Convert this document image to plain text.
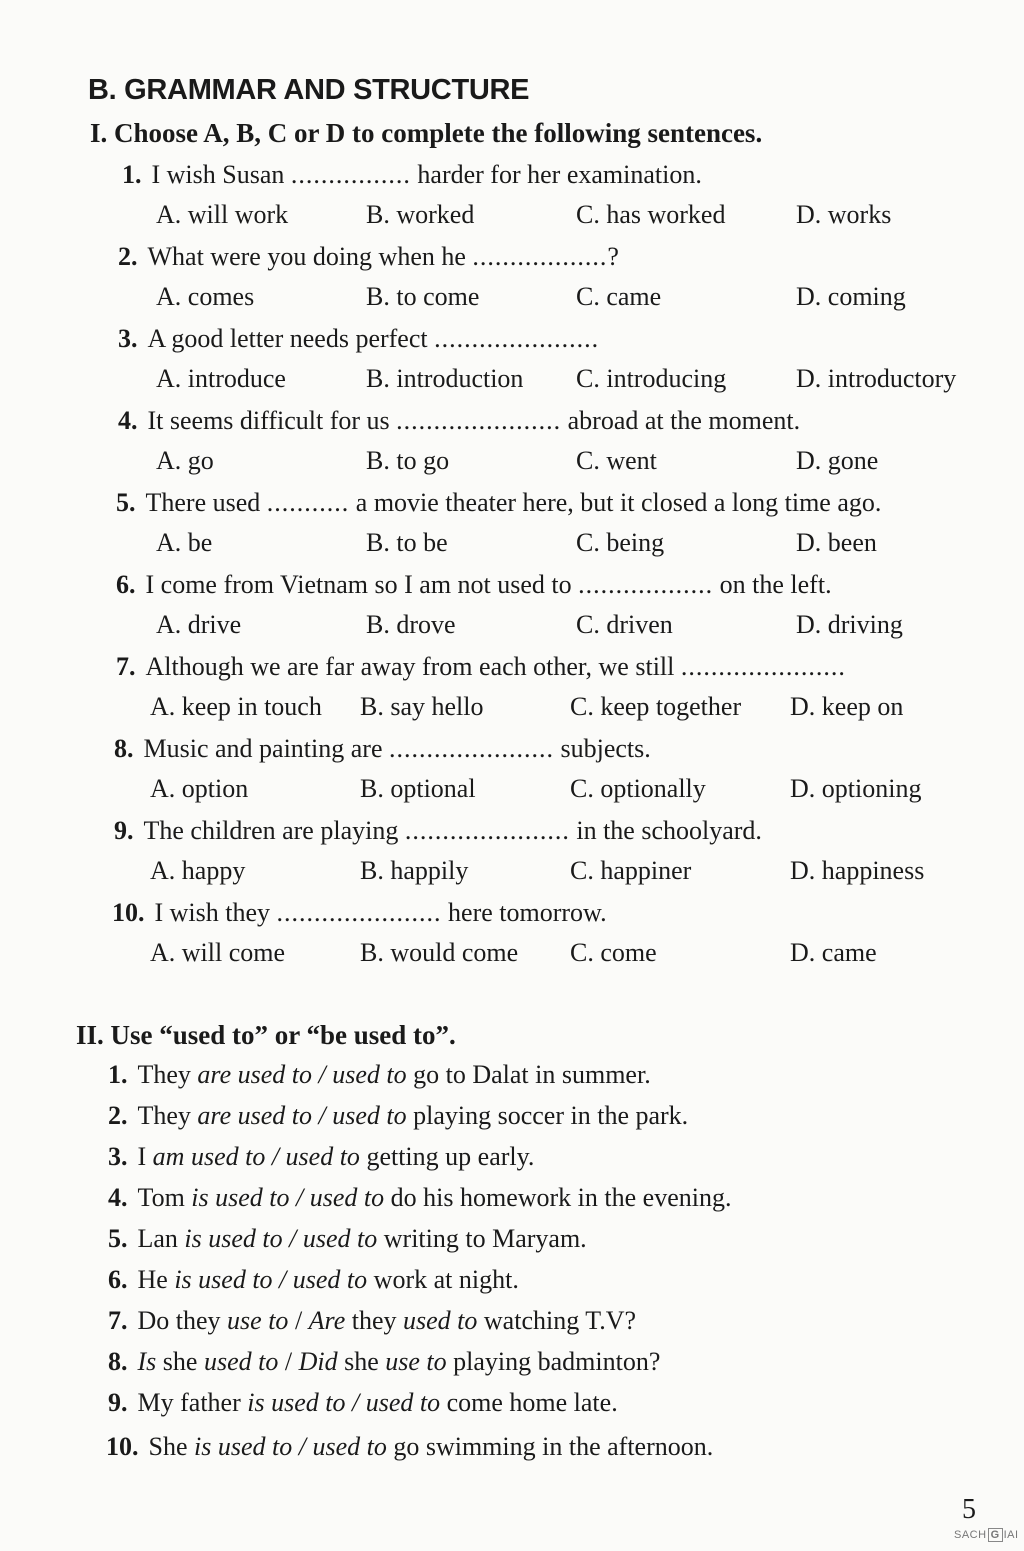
B. GRAMMAR AND STRUCTURE
I. Choose A, B, C or D to complete the following sentences.
1. I wish Susan ................ harder for her examination.
A. will work	B. worked	C. has worked	D. works
2. What were you doing when he ..................?
A. comes	B. to come	C. came	D. coming
3. A good letter needs perfect ......................
A. introduce	B. introduction C. introducing	D. introductory
4. It seems difficult for us ...................... abroad at the moment.
A. go	B. to go	C. went	D. gone
5. There used ........... a movie theater here, but it closed a long time ago.
A. be	B. to be	C. being	D. been
6. I come from Vietnam so I am not used to .................. on the left.
A. drive	B. drove	C. driven	D. driving
7. Although we are far away from each other, we still ......................
A. keep in touch B. say hello	C. keep together D. keep on
8. Music and painting are ...................... subjects.
A. option	B. optional	C. optionally	D. optioning
9. The children are playing ...................... in the schoolyard.
A. happy	B. happily	C. happiner	D. happiness
10. I wish they ...................... here tomorrow.
A. will come	B. would come C. come	D. came
II. Use “used to” or “be used to”.
1. They are used to / used to go to Dalat in summer.
2. They are used to / used to playing soccer in the park.
3. I am used to / used to getting up early.
4. Tom is used to / used to do his homework in the evening.
5. Lan is used to / used to writing to Maryam.
6. He is used to / used to work at night.
7. Do they use to / Are they used to watching T.V?
8. Is she used to / Did she use to playing badminton?
9. My father is used to / used to come home late.
10. She is used to / used to go swimming in the afternoon.
5
SACH G IAI
